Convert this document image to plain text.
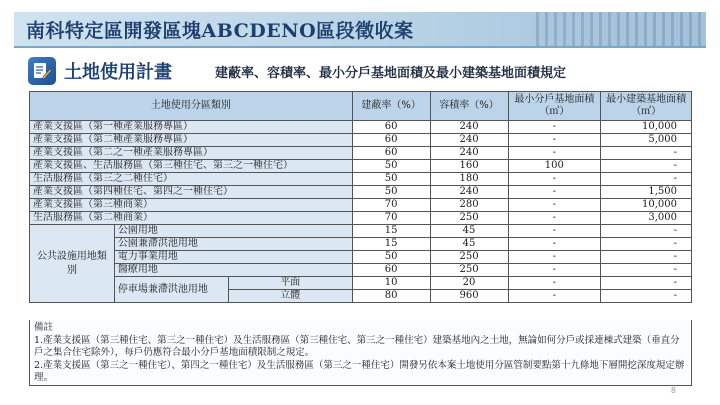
南科特定區開發區塊ABCDENO區段徵收案
土地使用計畫	建蔽率、容積率、最小分戶基地面積及最小建築基地面積規定
土地使用分區類別			建蔽率（%）	容積率（%）	最小分戶基地面積（㎡）	最小建築基地面積（㎡）
產業支援區（第一種產業服務專區）			60	240	-	10,000
產業支援區（第二種產業服務專區）			60	240	-	5,000
產業支援區（第二之一種產業服務專區）			60	240	-	-
產業支援區、生活服務區（第三種住宅、第三之一種住宅）			50	160	100	-
生活服務區（第三之二種住宅）			50	180	-	-
產業支援區（第四種住宅、第四之一種住宅）			50	240	-	1,500
產業支援區（第三種商業）			70	280	-	10,000
生活服務區（第二種商業）			70	250	-	3,000
公共設施用地類別	公園用地		15	45	-	-
	公園兼滯洪池用地		15	45	-	-
	電力事業用地		50	250	-	-
	醫療用地		60	250	-	-
	停車場兼滯洪池用地	平面	10	20	-	-
		立體	80	960	-	-
備註
1.產業支援區（第三種住宅、第三之一種住宅）及生活服務區（第三種住宅、第三之一種住宅）建築基地內之土地，無論如何分戶或採連棟式建築（垂直分戶之集合住宅除外），每戶仍應符合最小分戶基地面積限制之規定。
2.產業支援區（第三之一種住宅）、第四之一種住宅）及生活服務區（第三之一種住宅）開發另依本案土地使用分區管制要點第十九條地下層開挖深度規定辦理。
8
